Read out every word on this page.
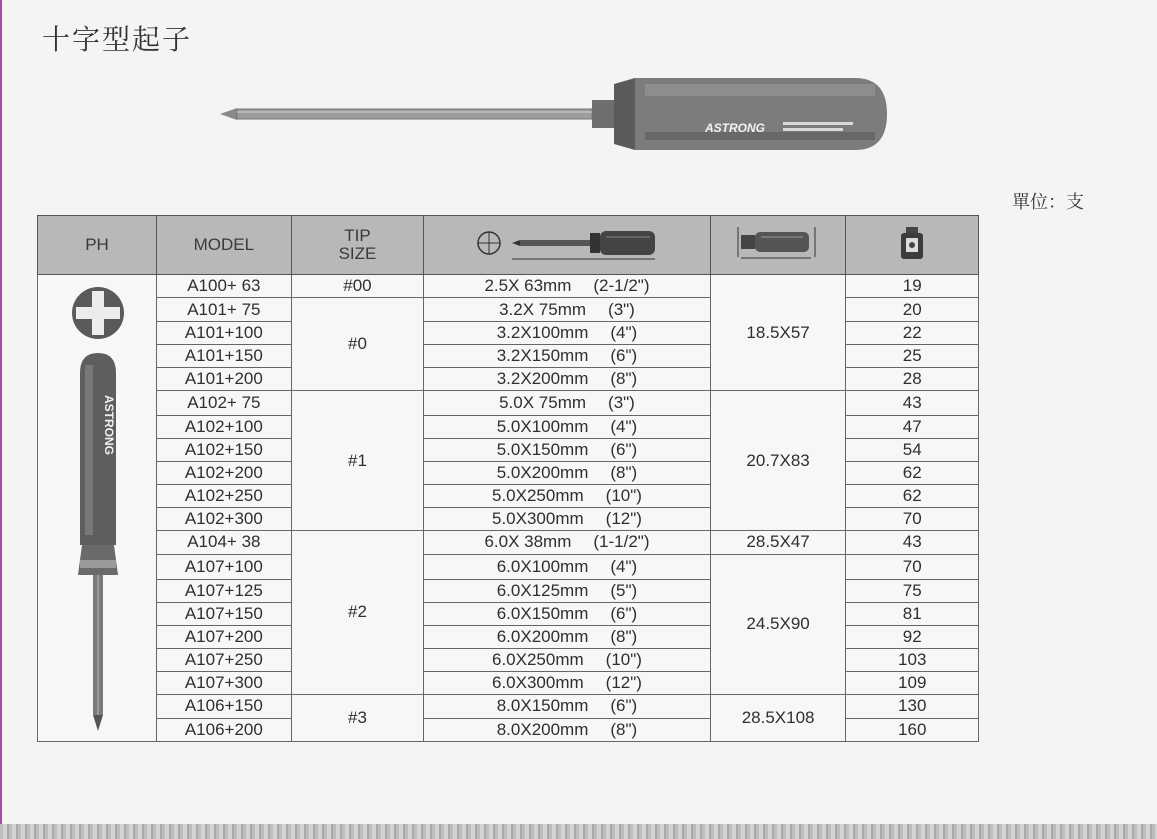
十字型起子
ASTRONG
單位：支
PH	MODEL	TIP
SIZE			

ASTRONG	A100+ 63	#00	2.5X 63mm (2-1/2")	18.5X57	19
	A101+ 75	#0	3.2X 75mm (3")		20
	A101+100		3.2X100mm (4")		22
	A101+150		3.2X150mm (6")		25
	A101+200		3.2X200mm (8")		28
	A102+ 75	#1	5.0X 75mm (3")	20.7X83	43
	A102+100		5.0X100mm (4")		47
	A102+150		5.0X150mm (6")		54
	A102+200		5.0X200mm (8")		62
	A102+250		5.0X250mm (10")		62
	A102+300		5.0X300mm (12")		70
	A104+ 38	#2	6.0X 38mm (1-1/2")	28.5X47	43
	A107+100		6.0X100mm (4")	24.5X90	70
	A107+125		6.0X125mm (5")		75
	A107+150		6.0X150mm (6")		81
	A107+200		6.0X200mm (8")		92
	A107+250		6.0X250mm (10")		103
	A107+300		6.0X300mm (12")		109
	A106+150	#3	8.0X150mm (6")	28.5X108	130
	A106+200		8.0X200mm (8")		160
